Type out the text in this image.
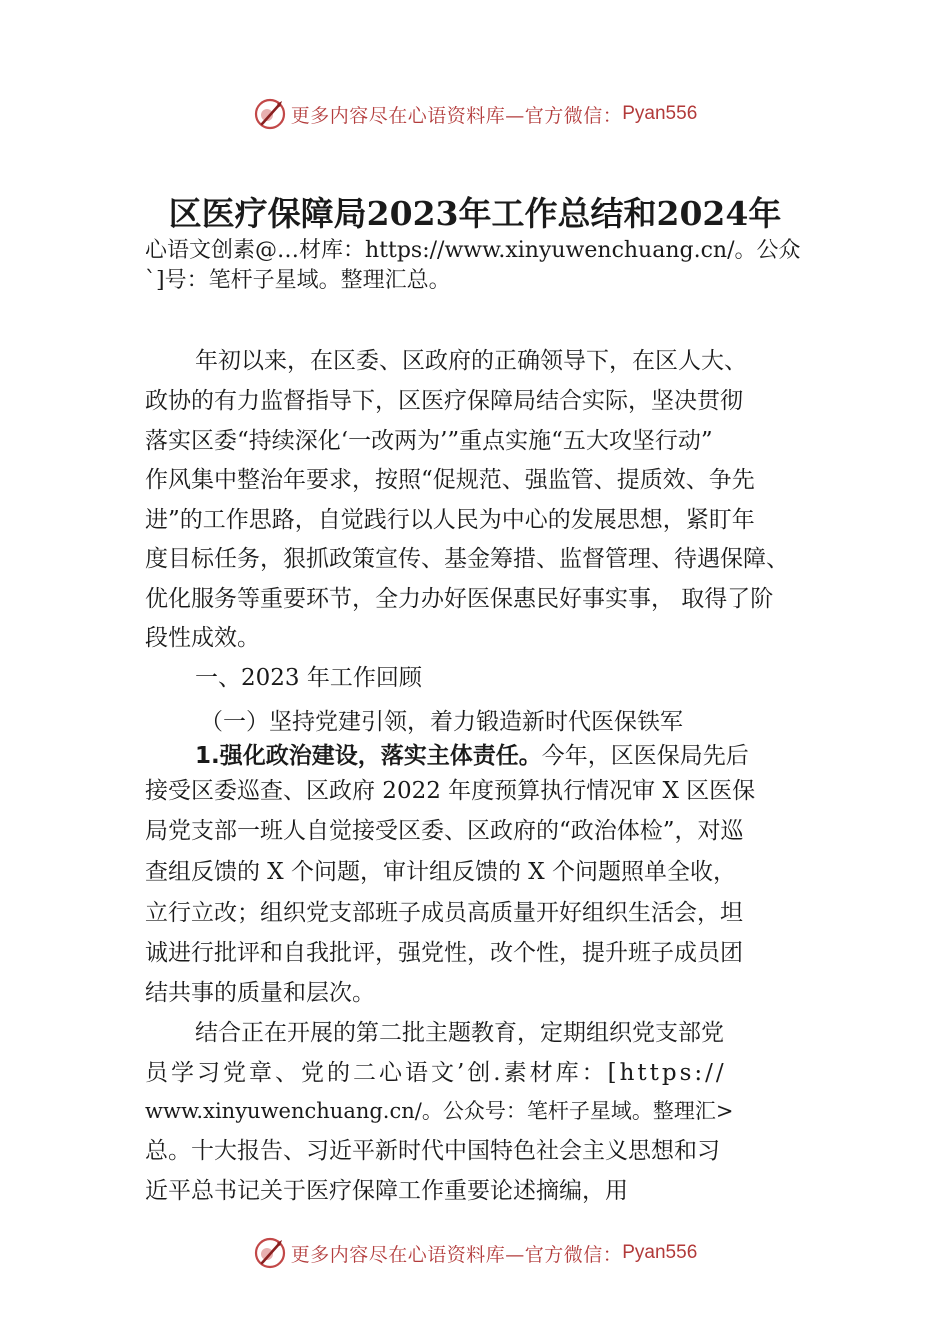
更多内容尽在心语资料库—官方微信： Pyan556
区医疗保障局2023年工作总结和2024年
心语文创素@…材库：https://www.xinyuwenchuang.cn/。公众
`]号：笔杆子星域。整理汇总。
年初以来，在区委、区政府的正确领导下，在区人大、
政协的有力监督指导下，区医疗保障局结合实际，坚决贯彻
落实区委“持续深化‘一改两为’”重点实施“五大攻坚行动”
作风集中整治年要求，按照“促规范、强监管、提质效、争先
进”的工作思路，自觉践行以人民为中心的发展思想，紧盯年
度目标任务，狠抓政策宣传、基金筹措、监督管理、待遇保障、
优化服务等重要环节，全力办好医保惠民好事实事， 取得了阶
段性成效。
一、2023 年工作回顾
（一）坚持党建引领，着力锻造新时代医保铁军
1.强化政治建设，落实主体责任。今年，区医保局先后
接受区委巡查、区政府 2022 年度预算执行情况审 X 区医保
局党支部一班人自觉接受区委、区政府的“政治体检”，对巡
查组反馈的 X 个问题，审计组反馈的 X 个问题照单全收，
立行立改；组织党支部班子成员高质量开好组织生活会，坦
诚进行批评和自我批评，强党性，改个性，提升班子成员团
结共事的质量和层次。
结合正在开展的第二批主题教育，定期组织党支部党
员学习党章、党的二心语文’创.素材库：[https://
www.xinyuwenchuang.cn/。公众号：笔杆子星域。整理汇>
总。十大报告、习近平新时代中国特色社会主义思想和习
近平总书记关于医疗保障工作重要论述摘编，用
更多内容尽在心语资料库—官方微信： Pyan556
